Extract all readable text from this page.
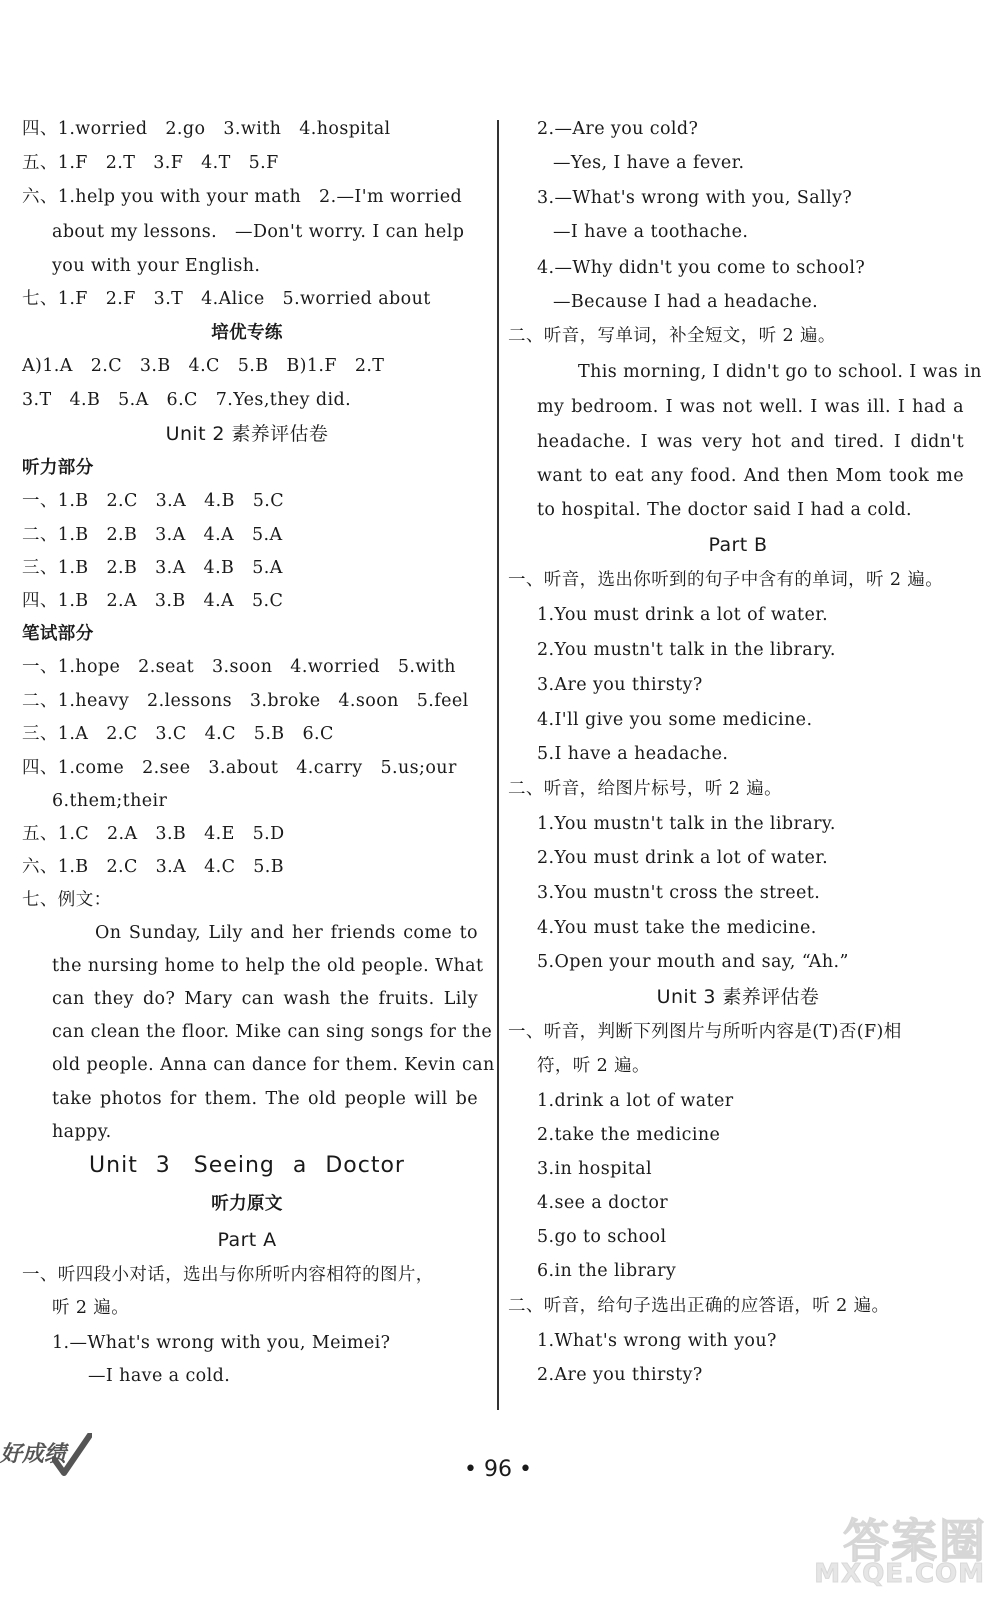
四、1.worried　2.go　3.with　4.hospital
五、1.F　2.T　3.F　4.T　5.F
六、1.help you with your math　2.—I'm worried
about my lessons.　—Don't worry. I can help
you with your English.
七、1.F　2.F　3.T　4.Alice　5.worried about
培优专练
A)1.A　2.C　3.B　4.C　5.B　B)1.F　2.T
3.T　4.B　5.A　6.C　7.Yes,they did.
Unit 2 素养评估卷
听力部分
一、1.B　2.C　3.A　4.B　5.C
二、1.B　2.B　3.A　4.A　5.A
三、1.B　2.B　3.A　4.B　5.A
四、1.B　2.A　3.B　4.A　5.C
笔试部分
一、1.hope　2.seat　3.soon　4.worried　5.with
二、1.heavy　2.lessons　3.broke　4.soon　5.feel
三、1.A　2.C　3.C　4.C　5.B　6.C
四、1.come　2.see　3.about　4.carry　5.us;our
6.them;their
五、1.C　2.A　3.B　4.E　5.D
六、1.B　2.C　3.A　4.C　5.B
七、例文：
On Sunday, Lily and her friends come to
the nursing home to help the old people. What
can they do? Mary can wash the fruits. Lily
can clean the floor. Mike can sing songs for the
old people. Anna can dance for them. Kevin can
take photos for them. The old people will be
happy.
Unit 3　Seeing a Doctor
听力原文
Part A
一、听四段小对话，选出与你所听内容相符的图片，
听 2 遍。
1.—What's wrong with you, Meimei?
—I have a cold.
2.—Are you cold?
—Yes, I have a fever.
3.—What's wrong with you, Sally?
—I have a toothache.
4.—Why didn't you come to school?
—Because I had a headache.
二、听音，写单词，补全短文，听 2 遍。
This morning, I didn't go to school. I was in
my bedroom. I was not well. I was ill. I had a
headache. I was very hot and tired. I didn't
want to eat any food. And then Mom took me
to hospital. The doctor said I had a cold.
Part B
一、听音，选出你听到的句子中含有的单词，听 2 遍。
1.You must drink a lot of water.
2.You mustn't talk in the library.
3.Are you thirsty?
4.I'll give you some medicine.
5.I have a headache.
二、听音，给图片标号，听 2 遍。
1.You mustn't talk in the library.
2.You must drink a lot of water.
3.You mustn't cross the street.
4.You must take the medicine.
5.Open your mouth and say, “Ah.”
Unit 3 素养评估卷
一、听音，判断下列图片与所听内容是(T)否(F)相
符，听 2 遍。
1.drink a lot of water
2.take the medicine
3.in hospital
4.see a doctor
5.go to school
6.in the library
二、听音，给句子选出正确的应答语，听 2 遍。
1.What's wrong with you?
2.Are you thirsty?
好成绩
• 96 •
答案圈
MXQE.COM
